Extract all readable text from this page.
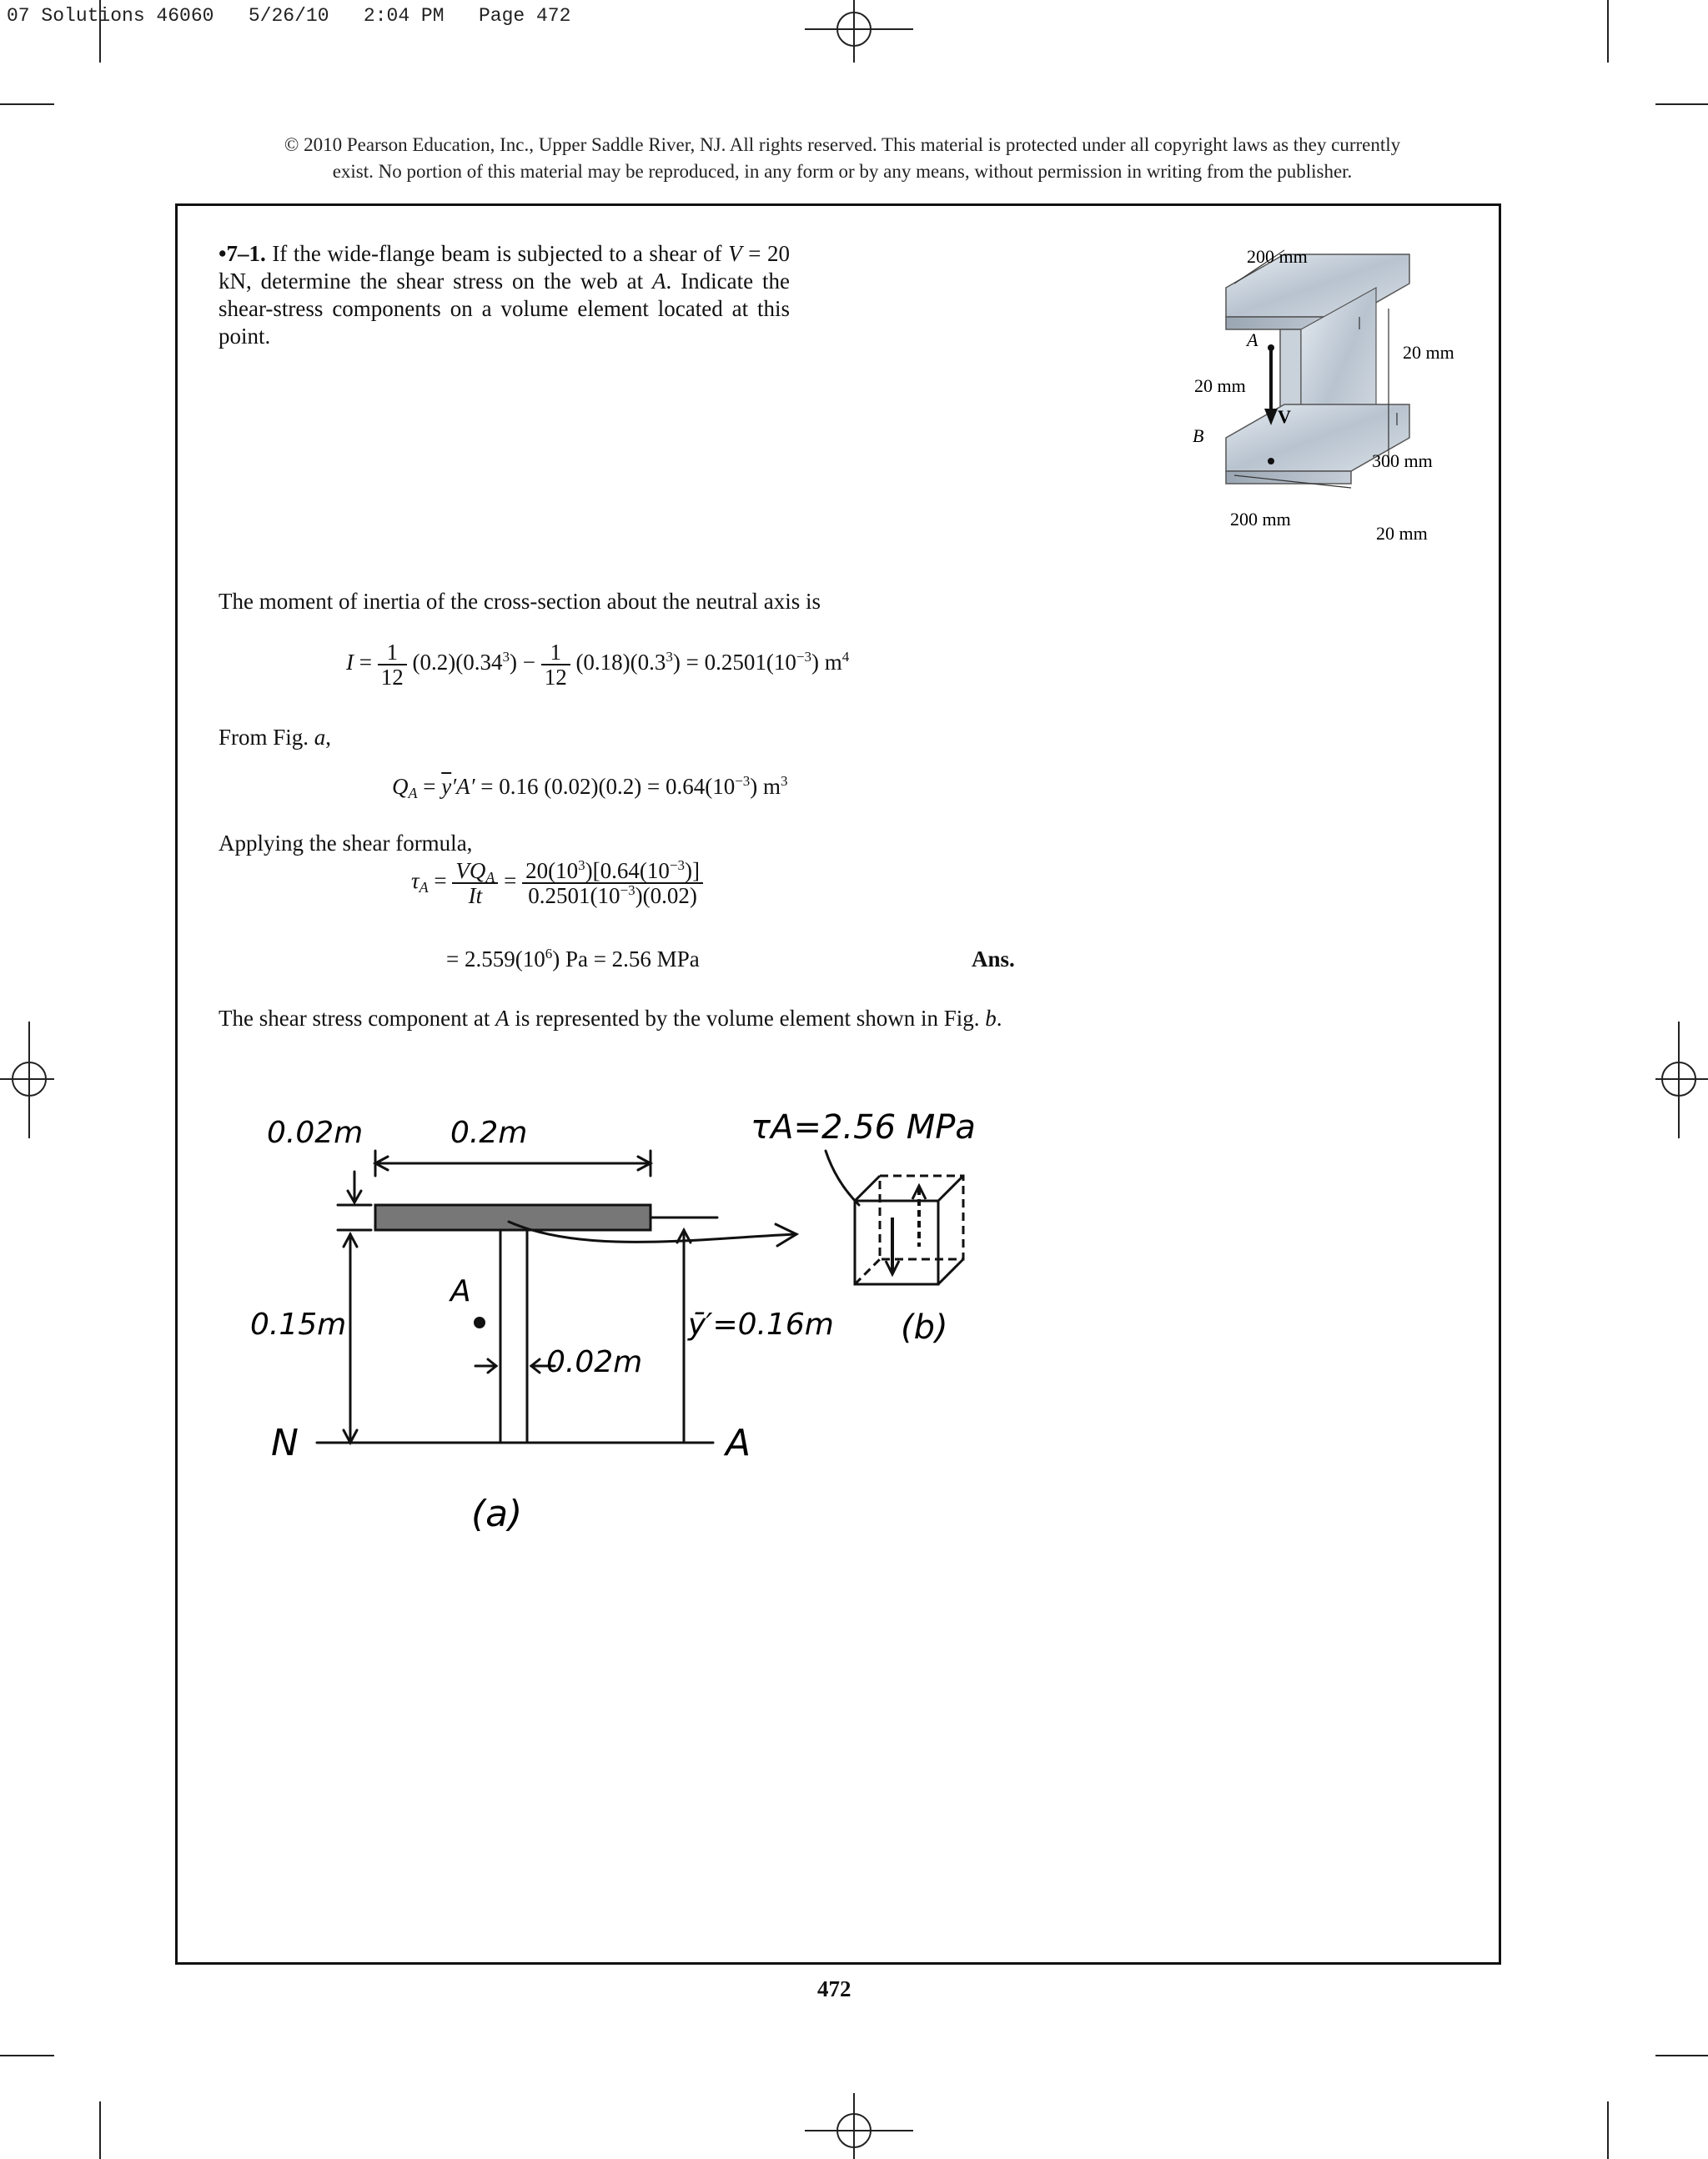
07 Solutions 46060 5/26/10 2:04 PM Page 472
© 2010 Pearson Education, Inc., Upper Saddle River, NJ. All rights reserved. This material is protected under all copyright laws as they currently
exist. No portion of this material may be reproduced, in any form or by any means, without permission in writing from the publisher.
•7–1. If the wide-flange beam is subjected to a shear of V = 20 kN, determine the shear stress on the web at A. Indicate the shear-stress components on a volume element located at this point.	A
B
V
200 mm
20 mm
20 mm
300 mm
200 mm
20 mm
The moment of inertia of the cross-section about the neutral axis is
$I = \frac{1}{12} (0.2)(0.34^3) - \frac{1}{12} (0.18)(0.3^3) = 0.2501(10^{-3})$ $m^4$
From Fig. a,
$Q_A = \overline{y}'A' = 0.16$ $(0.02)(0.2) = 0.64(10^{-3})$ $m^3$
Applying the shear formula,
$\tau_A = \frac{VQ_A}{It} = \frac{20(10^3)[0.64(10^{-3})]}{0.2501(10^{-3})(0.02)}$
= $2.559(10^6) Pa = 2.56$ MPa	Ans.
The shear stress component at A is represented by the volume element shown in Fig. b.
0.02m	0.2m
0.15m
A
0.02m
ȳ′=0.16m
N	A
(a)
τA=2.56 MPa
(b)
472
